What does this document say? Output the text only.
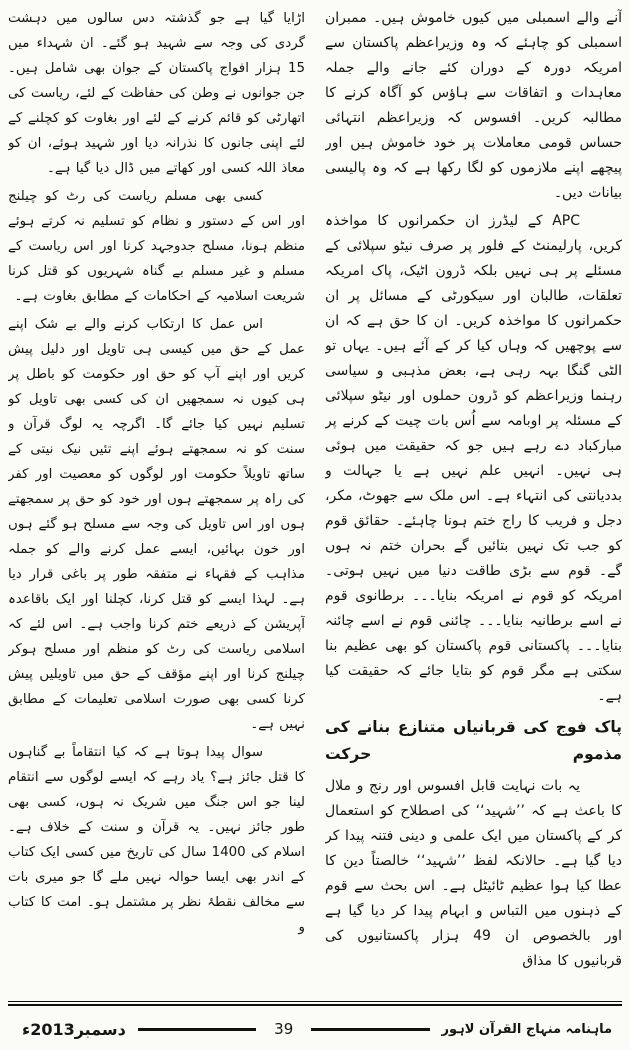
آنے والے اسمبلی میں کیوں خاموش ہیں۔ ممبران اسمبلی کو چاہئے کہ وہ وزیراعظم پاکستان سے امریکہ دورہ کے دوران کئے جانے والے جملہ معاہدات و اتفاقات سے ہاؤس کو آگاہ کرنے کا مطالبہ کریں۔ افسوس کہ وزیراعظم انتہائی حساس قومی معاملات پر خود خاموش ہیں اور پیچھے اپنے ملازموں کو لگا رکھا ہے کہ وہ پالیسی بیانات دیں۔

APC کے لیڈرز ان حکمرانوں کا مواخذہ کریں، پارلیمنٹ کے فلور پر صرف نیٹو سپلائی کے مسئلے پر ہی نہیں بلکہ ڈرون اٹیک، پاک امریکہ تعلقات، طالبان اور سیکورٹی کے مسائل پر ان حکمرانوں کا مواخذہ کریں۔ ان کا حق ہے کہ ان سے پوچھیں کہ وہاں کیا کر کے آئے ہیں۔ یہاں تو الٹی گنگا بہہ رہی ہے، بعض مذہبی و سیاسی رہنما وزیراعظم کو ڈرون حملوں اور نیٹو سپلائی کے مسئلہ پر اوبامہ سے اُس بات چیت کے کرنے پر مبارکباد دے رہے ہیں جو کہ حقیقت میں ہوئی ہی نہیں۔ انہیں علم نہیں ہے یا جہالت و بددیانتی کی انتہاء ہے۔ اس ملک سے جھوٹ، مکر، دجل و فریب کا راج ختم ہونا چاہئے۔ حقائق قوم کو جب تک نہیں بتائیں گے بحران ختم نہ ہوں گے۔ قوم سے بڑی طاقت دنیا میں نہیں ہوتی۔ امریکہ کو قوم نے امریکہ بنایا۔۔۔ برطانوی قوم نے اسے برطانیہ بنایا۔۔۔ چائنی قوم نے اسے چائنہ بنایا۔۔۔ پاکستانی قوم پاکستان کو بھی عظیم بنا سکتی ہے مگر قوم کو بتایا جائے کہ حقیقت کیا ہے۔

پاک فوج کی قربانیاں متنازع بنانے کی مذموم حرکت

یہ بات نہایت قابل افسوس اور رنج و ملال کا باعث ہے کہ ’’شہید‘‘ کی اصطلاح کو استعمال کر کے پاکستان میں ایک علمی و دینی فتنہ پیدا کر دیا گیا ہے۔ حالانکہ لفظ ’’شہید‘‘ خالصتاً دین کا عطا کیا ہوا عظیم ٹائیٹل ہے۔ اس بحث سے قوم کے ذہنوں میں التباس و ابہام پیدا کر دیا گیا ہے اور بالخصوص ان 49 ہزار پاکستانیوں کی قربانیوں کا مذاق

اڑایا گیا ہے جو گذشتہ دس سالوں میں دہشت گردی کی وجہ سے شہید ہو گئے۔ ان شہداء میں 15 ہزار افواج پاکستان کے جوان بھی شامل ہیں۔ جن جوانوں نے وطن کی حفاظت کے لئے، ریاست کی اتھارٹی کو قائم کرنے کے لئے اور بغاوت کو کچلنے کے لئے اپنی جانوں کا نذرانہ دیا اور شہید ہوئے، ان کو معاذ اللہ کسی اور کھاتے میں ڈال دیا گیا ہے۔

کسی بھی مسلم ریاست کی رٹ کو چیلنج اور اس کے دستور و نظام کو تسلیم نہ کرتے ہوئے منظم ہونا، مسلح جدوجہد کرنا اور اس ریاست کے مسلم و غیر مسلم بے گناہ شہریوں کو قتل کرنا شریعت اسلامیہ کے احکامات کے مطابق بغاوت ہے۔

اس عمل کا ارتکاب کرنے والے بے شک اپنے عمل کے حق میں کیسی ہی تاویل اور دلیل پیش کریں اور اپنے آپ کو حق اور حکومت کو باطل پر ہی کیوں نہ سمجھیں ان کی کسی بھی تاویل کو تسلیم نہیں کیا جائے گا۔ اگرچہ یہ لوگ قرآن و سنت کو نہ سمجھتے ہوئے اپنے تئیں نیک نیتی کے ساتھ تاویلاً حکومت اور لوگوں کو معصیت اور کفر کی راہ پر سمجھتے ہوں اور خود کو حق پر سمجھتے ہوں اور اس تاویل کی وجہ سے مسلح ہو گئے ہوں اور خون بہائیں، ایسے عمل کرنے والے کو جملہ مذاہب کے فقہاء نے متفقہ طور پر باغی قرار دیا ہے۔ لہذا ایسے کو قتل کرنا، کچلنا اور ایک باقاعدہ آپریشن کے ذریعے ختم کرنا واجب ہے۔ اس لئے کہ اسلامی ریاست کی رٹ کو منظم اور مسلح ہوکر چیلنج کرنا اور اپنے مؤقف کے حق میں تاویلیں پیش کرنا کسی بھی صورت اسلامی تعلیمات کے مطابق نہیں ہے۔

سوال پیدا ہوتا ہے کہ کیا انتقاماً بے گناہوں کا قتل جائز ہے؟ یاد رہے کہ ایسے لوگوں سے انتقام لینا جو اس جنگ میں شریک نہ ہوں، کسی بھی طور جائز نہیں۔ یہ قرآن و سنت کے خلاف ہے۔ اسلام کی 1400 سال کی تاریخ میں کسی ایک کتاب کے اندر بھی ایسا حوالہ نہیں ملے گا جو میری بات سے مخالف نقطۂ نظر پر مشتمل ہو۔ امت کا کتاب و

دسمبر2013ء	39	ماہنامہ منہاج القرآن لاہور
